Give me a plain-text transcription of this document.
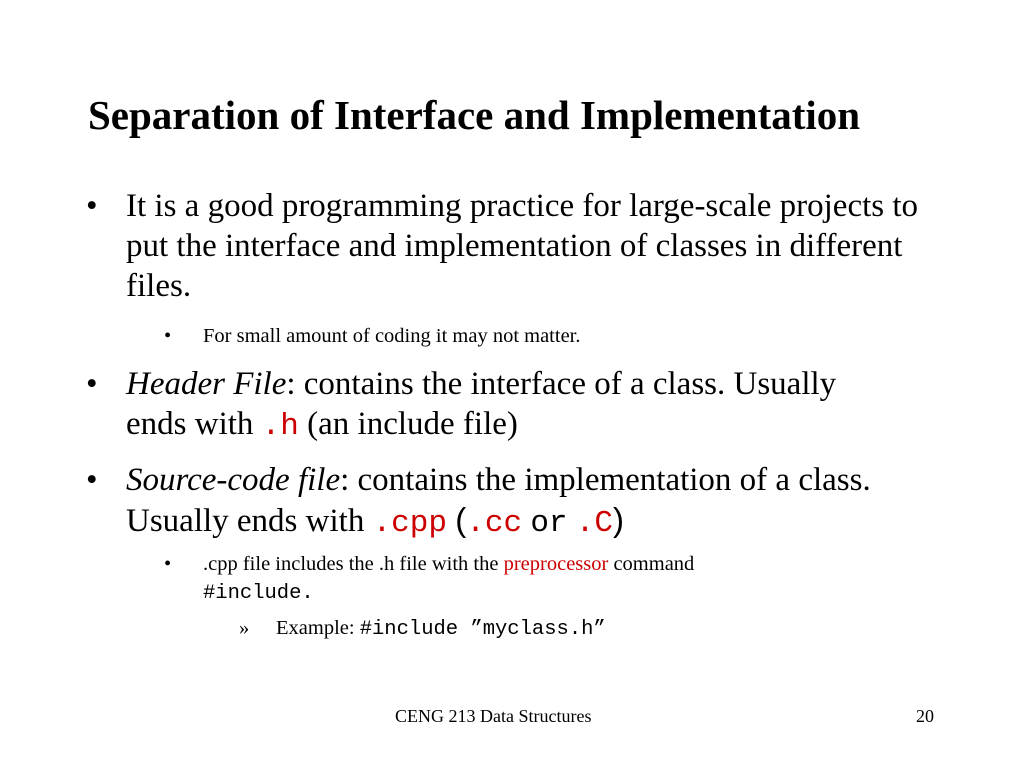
Separation of Interface and Implementation
• It is a good programming practice for large-scale projects to put the interface and implementation of classes in different files.
• For small amount of coding it may not matter.
• Header File: contains the interface of a class. Usually ends with .h (an include file)
• Source-code file: contains the implementation of a class. Usually ends with .cpp (.cc or .C)
• .cpp file includes the .h file with the preprocessor command
#include.
» Example: #include ”myclass.h”
CENG 213 Data Structures	20
